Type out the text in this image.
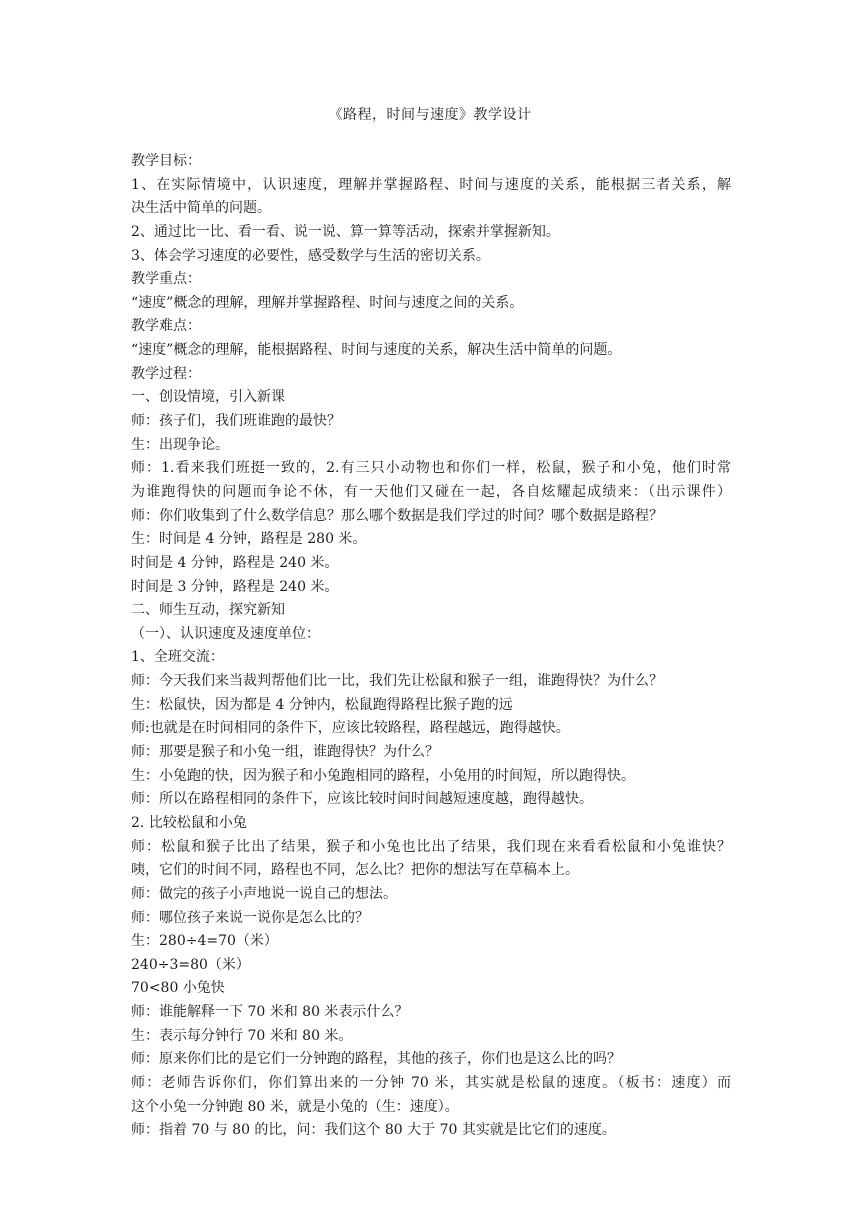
《路程，时间与速度》教学设计
教学目标：
1、在实际情境中，认识速度，理解并掌握路程、时间与速度的关系，能根据三者关系，解
决生活中简单的问题。
2、通过比一比、看一看、说一说、算一算等活动，探索并掌握新知。
3、体会学习速度的必要性，感受数学与生活的密切关系。
教学重点：
“速度”概念的理解，理解并掌握路程、时间与速度之间的关系。
教学难点：
“速度”概念的理解，能根据路程、时间与速度的关系，解决生活中简单的问题。
教学过程：
一、创设情境，引入新课
师：孩子们，我们班谁跑的最快？
生：出现争论。
师：1.看来我们班挺一致的，2.有三只小动物也和你们一样，松鼠，猴子和小兔，他们时常
为谁跑得快的问题而争论不休，有一天他们又碰在一起，各自炫耀起成绩来：（出示课件）
师：你们收集到了什么数学信息？那么哪个数据是我们学过的时间？哪个数据是路程？
生：时间是 4 分钟，路程是 280 米。
时间是 4 分钟，路程是 240 米。
时间是 3 分钟，路程是 240 米。
二、师生互动，探究新知
（一）、认识速度及速度单位：
1、全班交流：
师：今天我们来当裁判帮他们比一比，我们先让松鼠和猴子一组，谁跑得快？为什么？
生：松鼠快，因为都是 4 分钟内，松鼠跑得路程比猴子跑的远
师:也就是在时间相同的条件下，应该比较路程，路程越远，跑得越快。
师：那要是猴子和小兔一组，谁跑得快？为什么？
生：小兔跑的快，因为猴子和小兔跑相同的路程，小兔用的时间短，所以跑得快。
师：所以在路程相同的条件下，应该比较时间时间越短速度越，跑得越快。
2. 比较松鼠和小兔
师：松鼠和猴子比出了结果，猴子和小兔也比出了结果，我们现在来看看松鼠和小兔谁快？
咦，它们的时间不同，路程也不同，怎么比？把你的想法写在草稿本上。
师：做完的孩子小声地说一说自己的想法。
师：哪位孩子来说一说你是怎么比的？
生：280÷4=70（米）
240÷3=80（米）
70<80 小兔快
师：谁能解释一下 70 米和 80 米表示什么？
生：表示每分钟行 70 米和 80 米。
师：原来你们比的是它们一分钟跑的路程，其他的孩子，你们也是这么比的吗？
师：老师告诉你们，你们算出来的一分钟 70 米，其实就是松鼠的速度。（板书：速度）而
这个小兔一分钟跑 80 米，就是小兔的（生：速度）。
师：指着 70 与 80 的比，问：我们这个 80 大于 70 其实就是比它们的速度。
